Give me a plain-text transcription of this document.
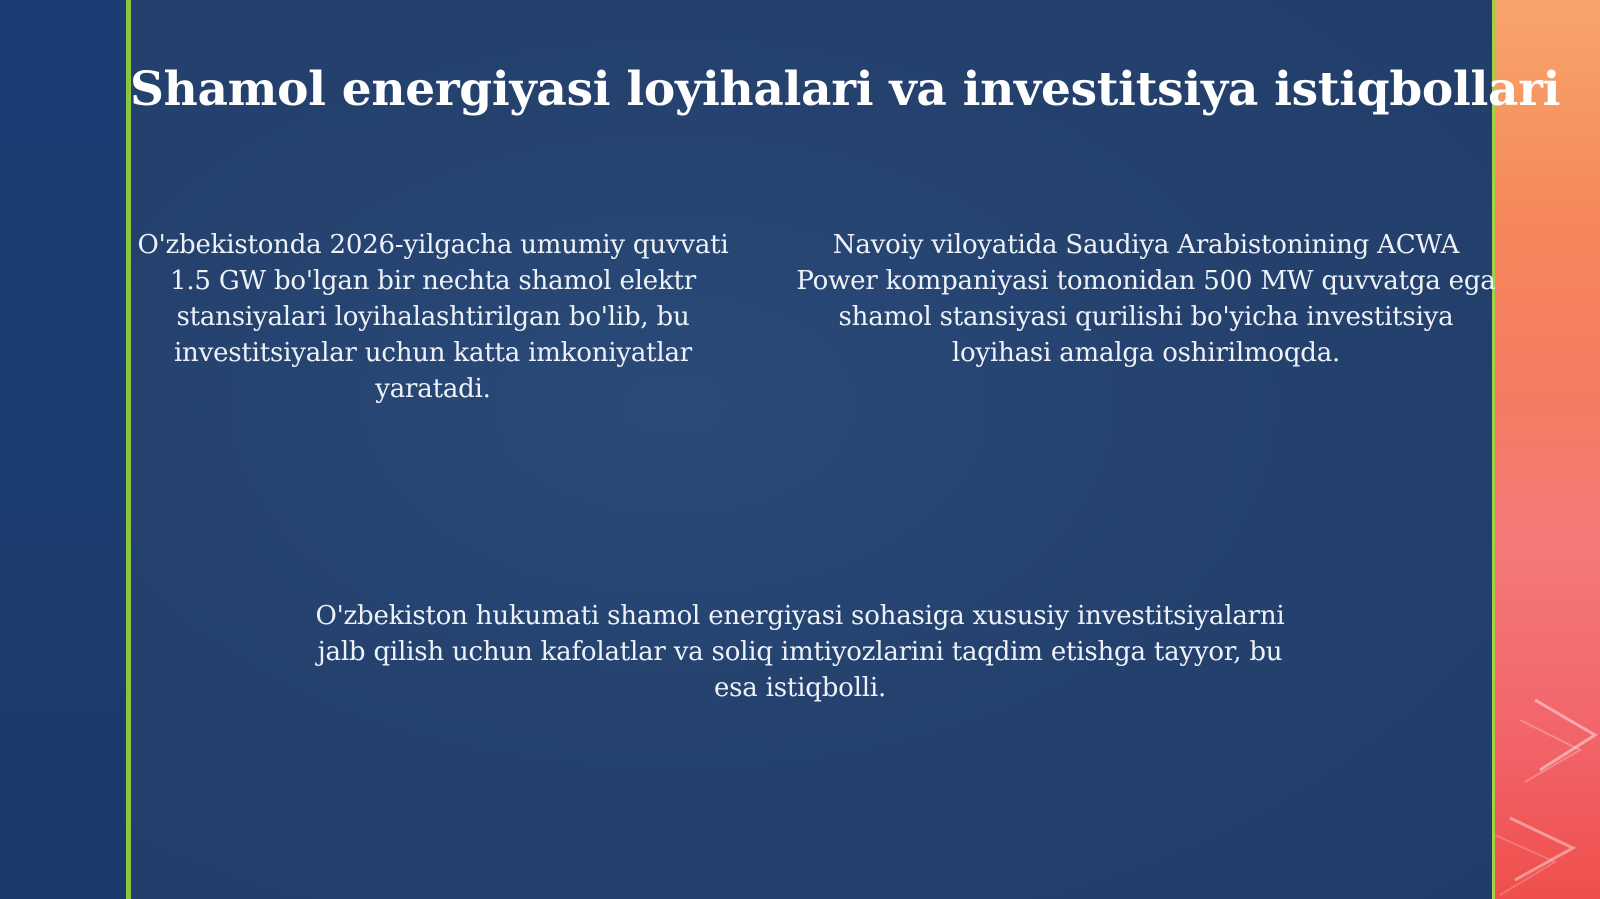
Shamol energiyasi loyihalari va investitsiya istiqbollari

O'zbekistonda 2026-yilgacha umumiy quvvati 1.5 GW bo'lgan bir nechta shamol elektr stansiyalari loyihalashtirilgan bo'lib, bu investitsiyalar uchun katta imkoniyatlar yaratadi.

Navoiy viloyatida Saudiya Arabistonining ACWA Power kompaniyasi tomonidan 500 MW quvvatga ega shamol stansiyasi qurilishi bo'yicha investitsiya loyihasi amalga oshirilmoqda.

O'zbekiston hukumati shamol energiyasi sohasiga xususiy investitsiyalarni jalb qilish uchun kafolatlar va soliq imtiyozlarini taqdim etishga tayyor, bu esa istiqbolli.
